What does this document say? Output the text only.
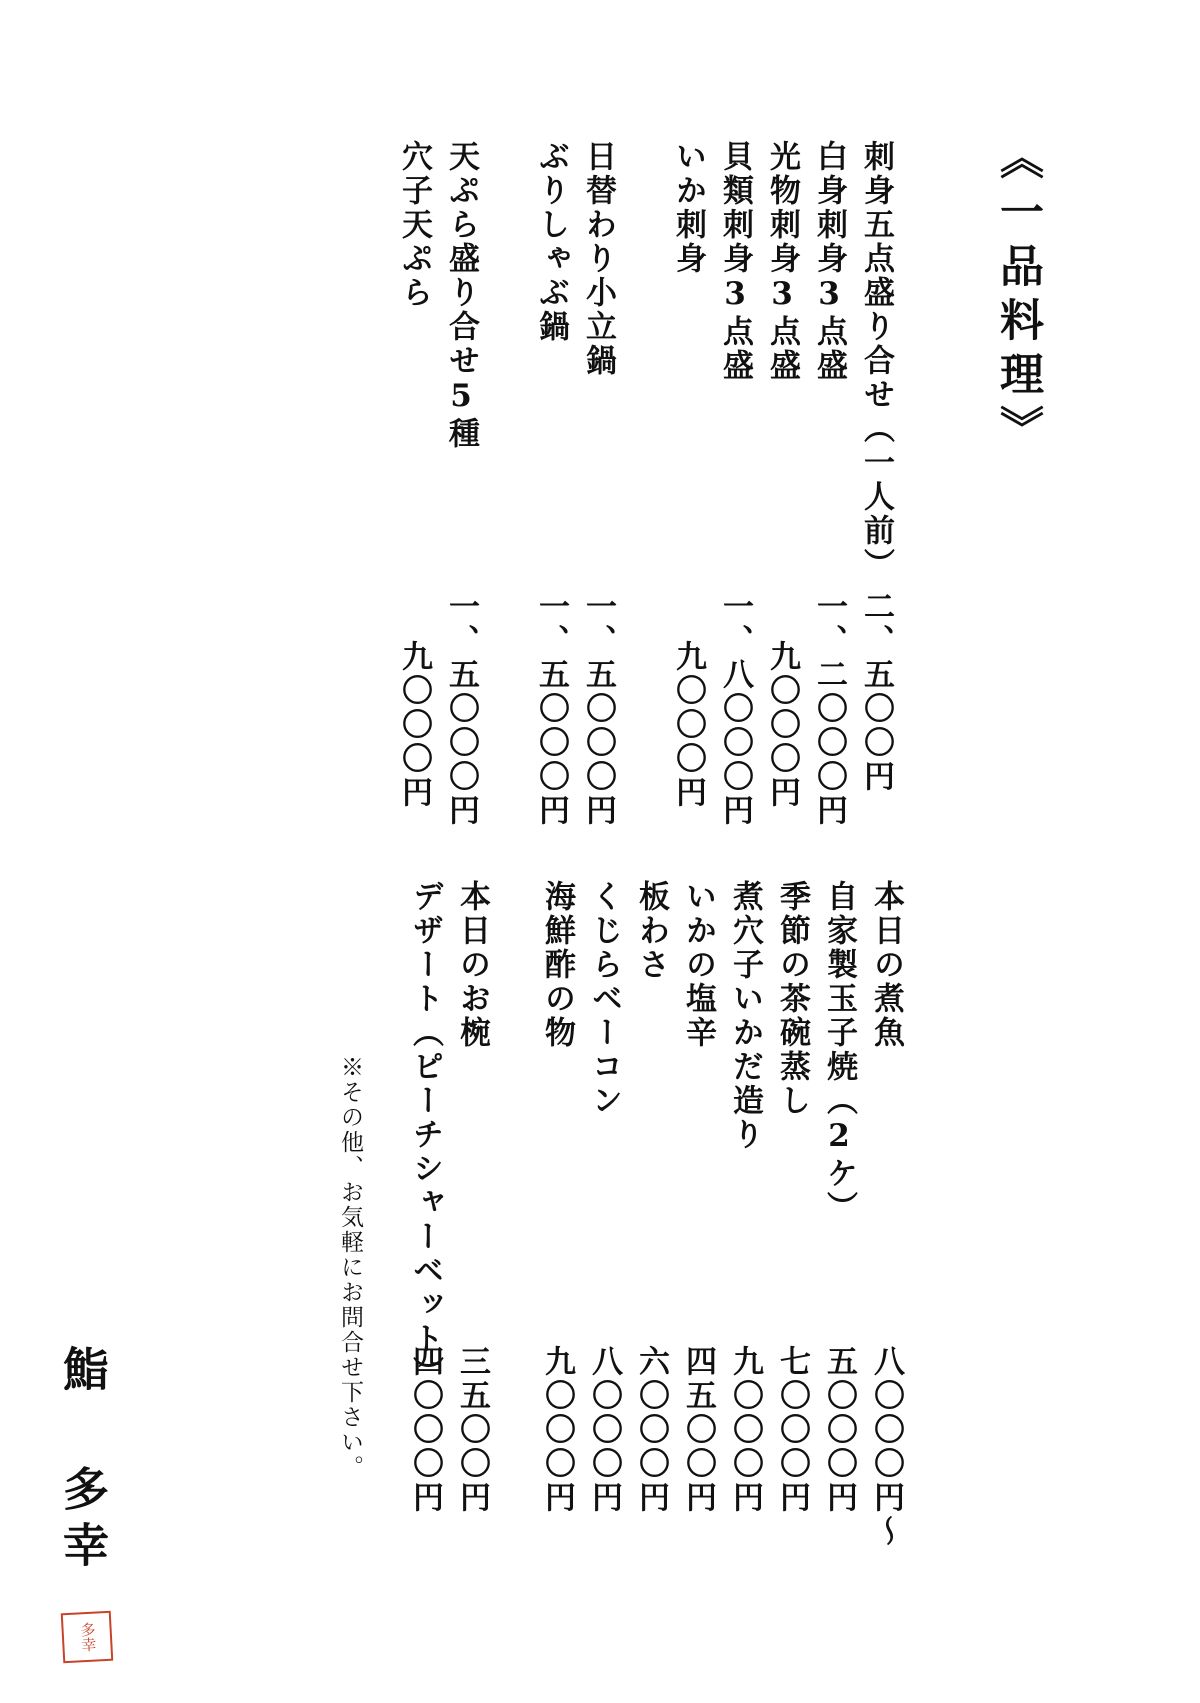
《一品料理》
刺身五点盛り合せ（一人前）
二、五〇〇円
白身刺身3点盛
一、二〇〇〇円
光物刺身3点盛
九〇〇〇円
貝類刺身3点盛
一、八〇〇〇円
いか刺身
九〇〇〇円
日替わり小立鍋
一、五〇〇〇円
ぶりしゃぶ鍋
一、五〇〇〇円
天ぷら盛り合せ5種
一、五〇〇〇円
穴子天ぷら
九〇〇〇円
本日の煮魚
八〇〇〇円～
自家製玉子焼（2ケ）
五〇〇〇円
季節の茶碗蒸し
七〇〇〇円
煮穴子いかだ造り
九〇〇〇円
いかの塩辛
四五〇〇円
板わさ
六〇〇〇円
くじらベーコン
八〇〇〇円
海鮮酢の物
九〇〇〇円
本日のお椀
三五〇〇円
デザート（ピーチシャーベット）
四〇〇〇円
※その他、お気軽にお問合せ下さい。
鮨 多幸
多幸
